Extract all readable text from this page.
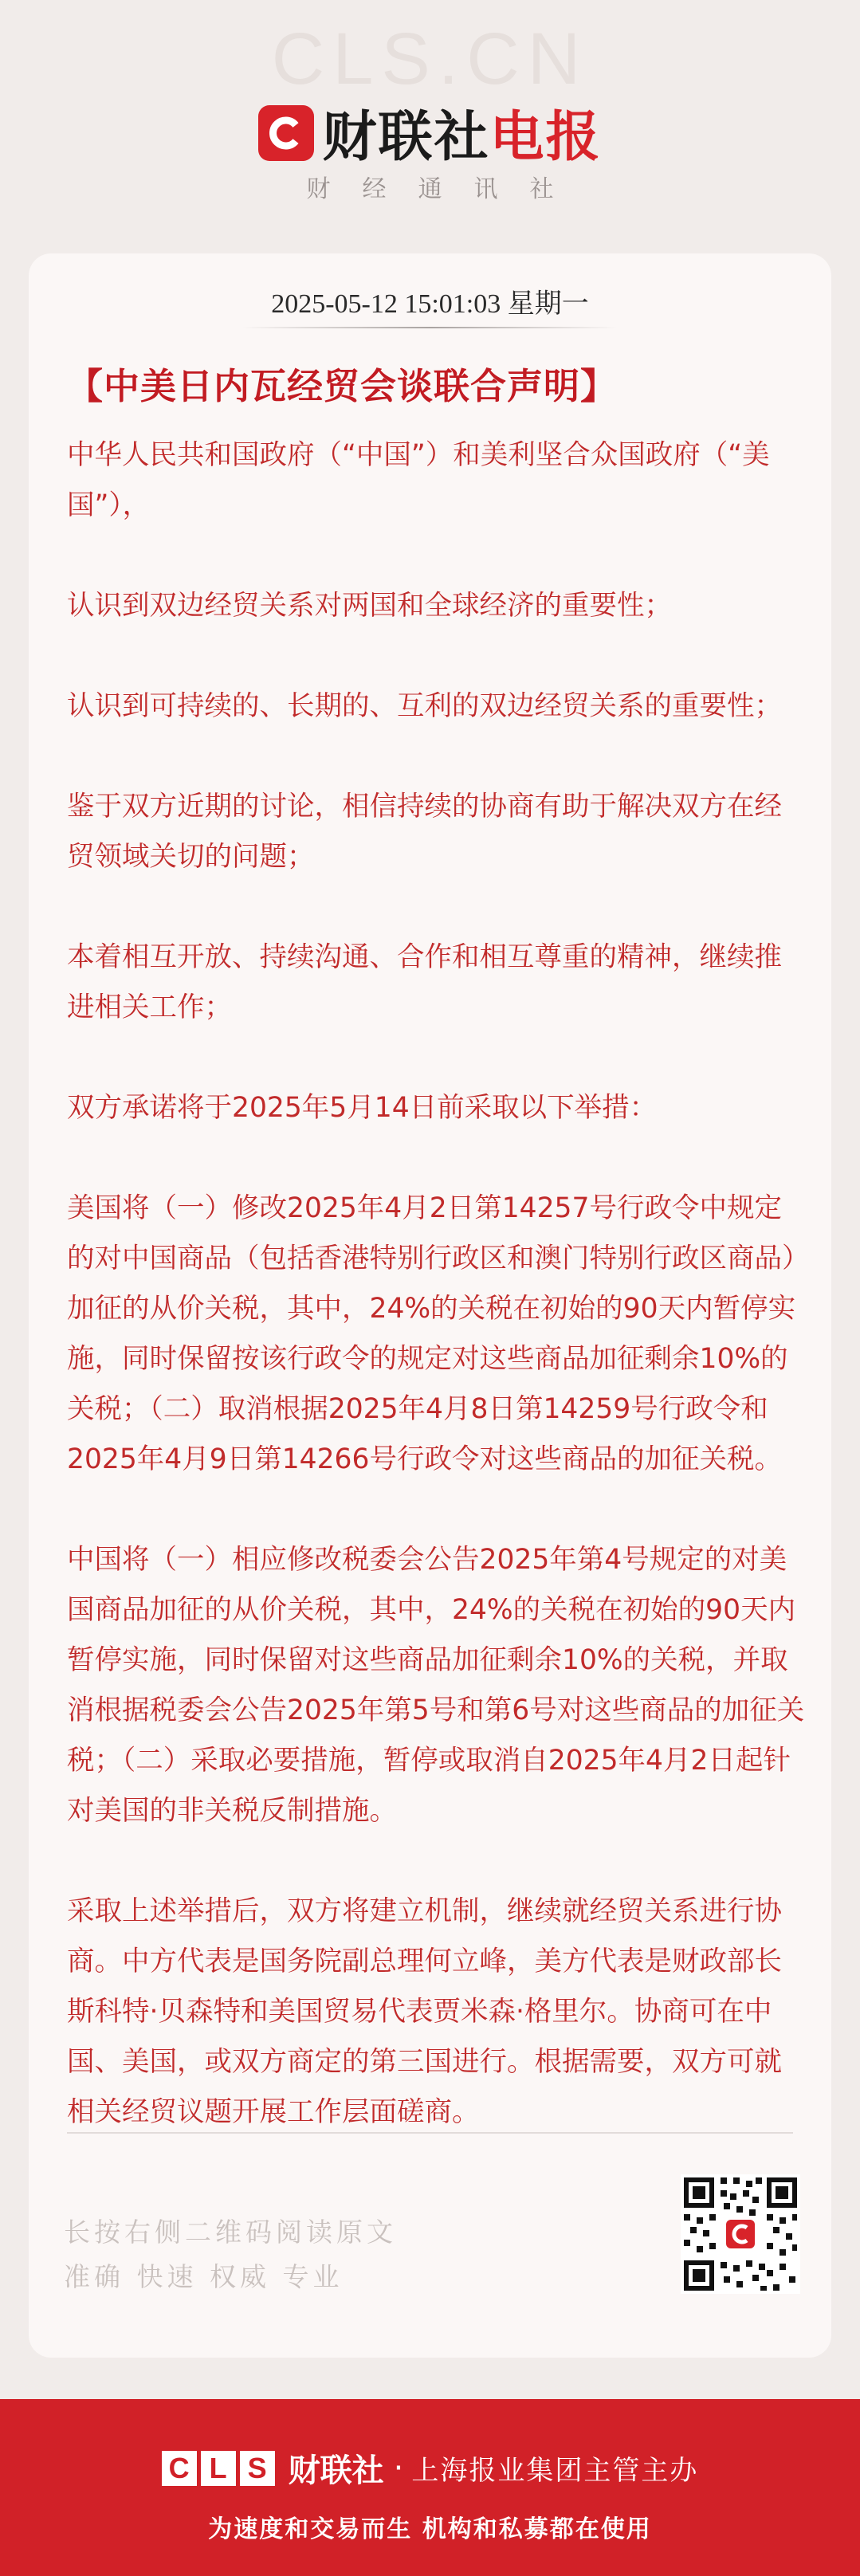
CLS.CN
财联社 电报
财经通讯社
2025-05-12 15:01:03 星期一
【中美日内瓦经贸会谈联合声明】

中华人民共和国政府（“中国”）和美利坚合众国政府（“美国”），

认识到双边经贸关系对两国和全球经济的重要性；

认识到可持续的、长期的、互利的双边经贸关系的重要性；

鉴于双方近期的讨论，相信持续的协商有助于解决双方在经贸领域关切的问题；

本着相互开放、持续沟通、合作和相互尊重的精神，继续推进相关工作；

双方承诺将于2025年5月14日前采取以下举措：

美国将（一）修改2025年4月2日第14257号行政令中规定的对中国商品（包括香港特别行政区和澳门特别行政区商品）加征的从价关税，其中，24%的关税在初始的90天内暂停实施，同时保留按该行政令的规定对这些商品加征剩余10%的关税；（二）取消根据2025年4月8日第14259号行政令和2025年4月9日第14266号行政令对这些商品的加征关税。

中国将（一）相应修改税委会公告2025年第4号规定的对美国商品加征的从价关税，其中，24%的关税在初始的90天内暂停实施，同时保留对这些商品加征剩余10%的关税，并取消根据税委会公告2025年第5号和第6号对这些商品的加征关税；（二）采取必要措施，暂停或取消自2025年4月2日起针对美国的非关税反制措施。

采取上述举措后，双方将建立机制，继续就经贸关系进行协商。中方代表是国务院副总理何立峰，美方代表是财政部长斯科特·贝森特和美国贸易代表贾米森·格里尔。协商可在中国、美国，或双方商定的第三国进行。根据需要，双方可就相关经贸议题开展工作层面磋商。

长按右侧二维码阅读原文
准确 快速 权威 专业
C L S 财联社 · 上海报业集团主管主办
为速度和交易而生 机构和私募都在使用
